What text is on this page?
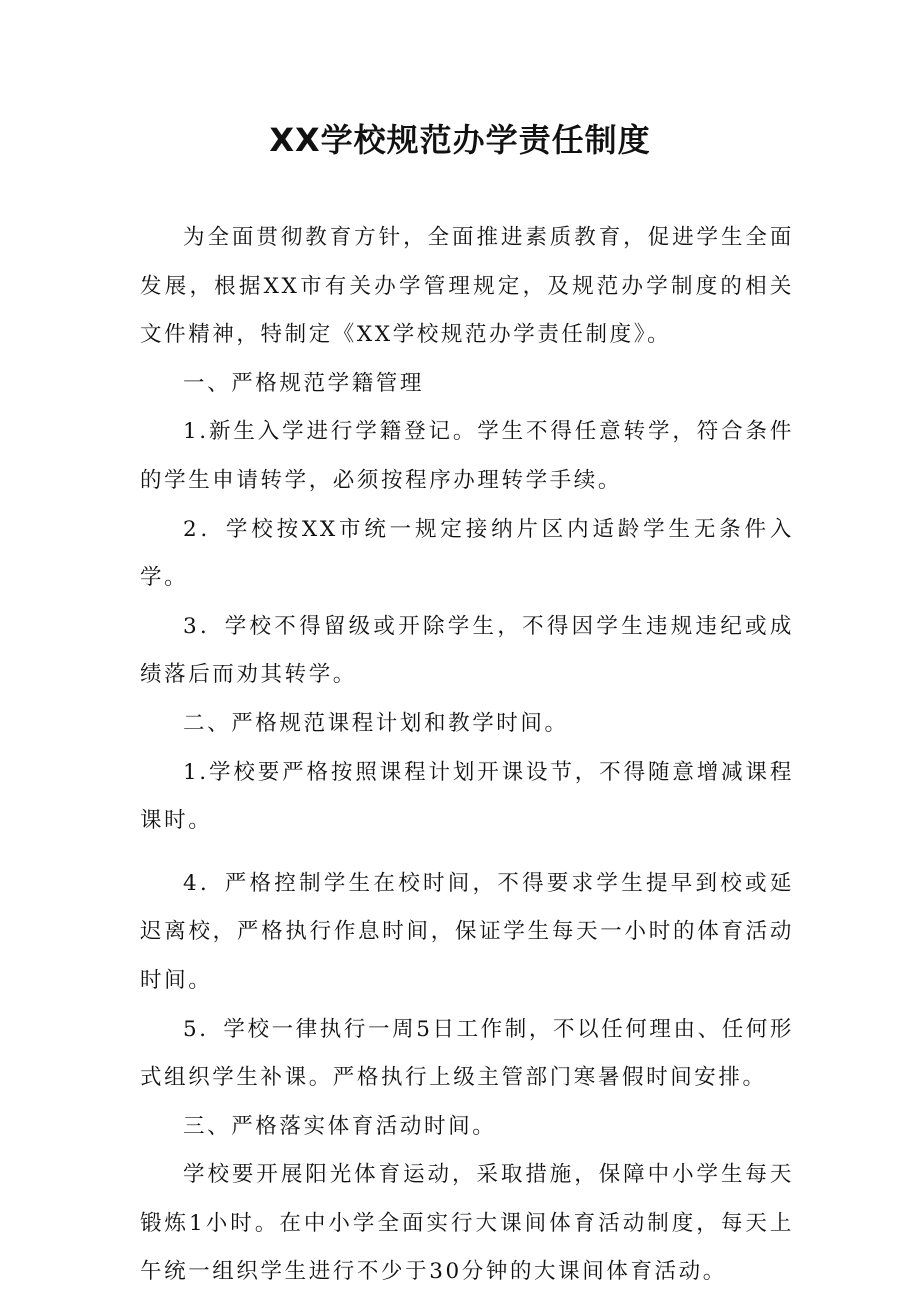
XX学校规范办学责任制度

为全面贯彻教育方针，全面推进素质教育，促进学生全面发展，根据XX市有关办学管理规定，及规范办学制度的相关文件精神，特制定《XX学校规范办学责任制度》。

一、严格规范学籍管理

1.新生入学进行学籍登记。学生不得任意转学，符合条件的学生申请转学，必须按程序办理转学手续。

2．学校按XX市统一规定接纳片区内适龄学生无条件入学。

3．学校不得留级或开除学生，不得因学生违规违纪或成绩落后而劝其转学。

二、严格规范课程计划和教学时间。

1.学校要严格按照课程计划开课设节，不得随意增减课程课时。

4．严格控制学生在校时间，不得要求学生提早到校或延迟离校，严格执行作息时间，保证学生每天一小时的体育活动时间。

5．学校一律执行一周5日工作制，不以任何理由、任何形式组织学生补课。严格执行上级主管部门寒暑假时间安排。

三、严格落实体育活动时间。

学校要开展阳光体育运动，采取措施，保障中小学生每天锻炼1小时。在中小学全面实行大课间体育活动制度，每天上午统一组织学生进行不少于30分钟的大课间体育活动。
